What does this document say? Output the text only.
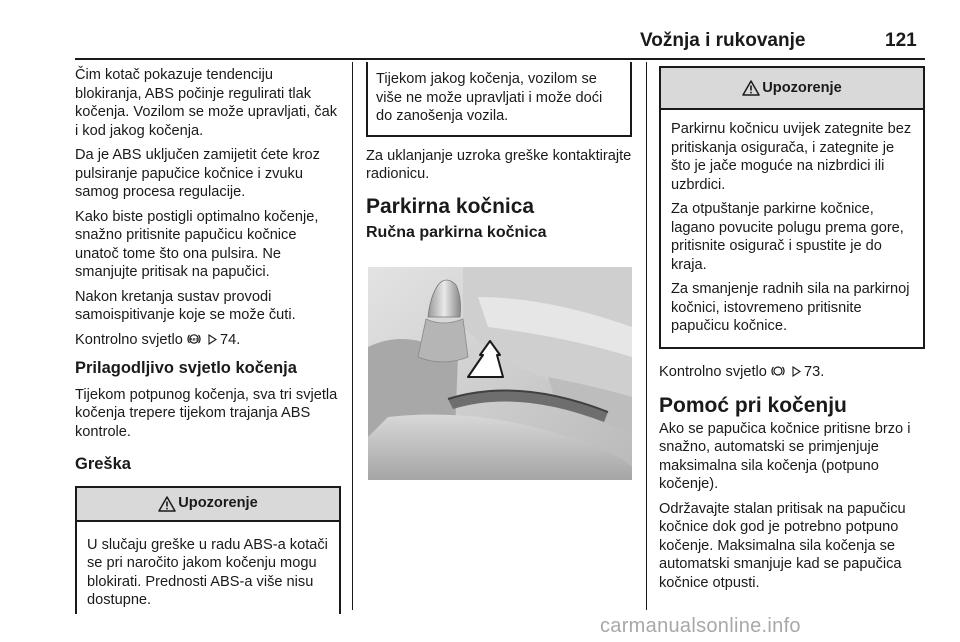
Vožnja i rukovanje	121

Čim kotač pokazuje tendenciju blokiranja, ABS počinje regulirati tlak kočenja. Vozilom se može upravljati, čak i kod jakog kočenja.

Da je ABS uključen zamijetit ćete kroz pulsiranje papučice kočnice i zvuku samog procesa regulacije.

Kako biste postigli optimalno kočenje, snažno pritisnite papučicu kočnice unatoč tome što ona pulsira. Ne smanjujte pritisak na papučici.

Nakon kretanja sustav provodi samoispitivanje koje se može čuti.

Kontrolno svjetlo ABS 74.

Prilagodljivo svjetlo kočenja

Tijekom potpunog kočenja, sva tri svjetla kočenja trepere tijekom trajanja ABS kontrole.

Greška
Upozorenje

U slučaju greške u radu ABS-a kotači se pri naročito jakom kočenju mogu blokirati. Prednosti ABS-a više nisu dostupne.

Tijekom jakog kočenja, vozilom se više ne može upravljati i može doći do zanošenja vozila.

Za uklanjanje uzroka greške kontaktirajte radionicu.

Parkirna kočnica
Ručna parkirna kočnica
Upozorenje

Parkirnu kočnicu uvijek zategnite bez pritiskanja osigurača, i zategnite je što je jače moguće na nizbrdici ili uzbrdici.

Za otpuštanje parkirne kočnice, lagano povucite polugu prema gore, pritisnite osigurač i spustite je do kraja.

Za smanjenje radnih sila na parkirnoj kočnici, istovremeno pritisnite papučicu kočnice.

Kontrolno svjetlo	73.

Pomoć pri kočenju

Ako se papučica kočnice pritisne brzo i snažno, automatski se primjenjuje maksimalna sila kočenja (potpuno kočenje).

Održavajte stalan pritisak na papučicu kočnice dok god je potrebno potpuno kočenje. Maksimalna sila kočenja se automatski smanjuje kad se papučica kočnice otpusti.

carmanualsonline.info
